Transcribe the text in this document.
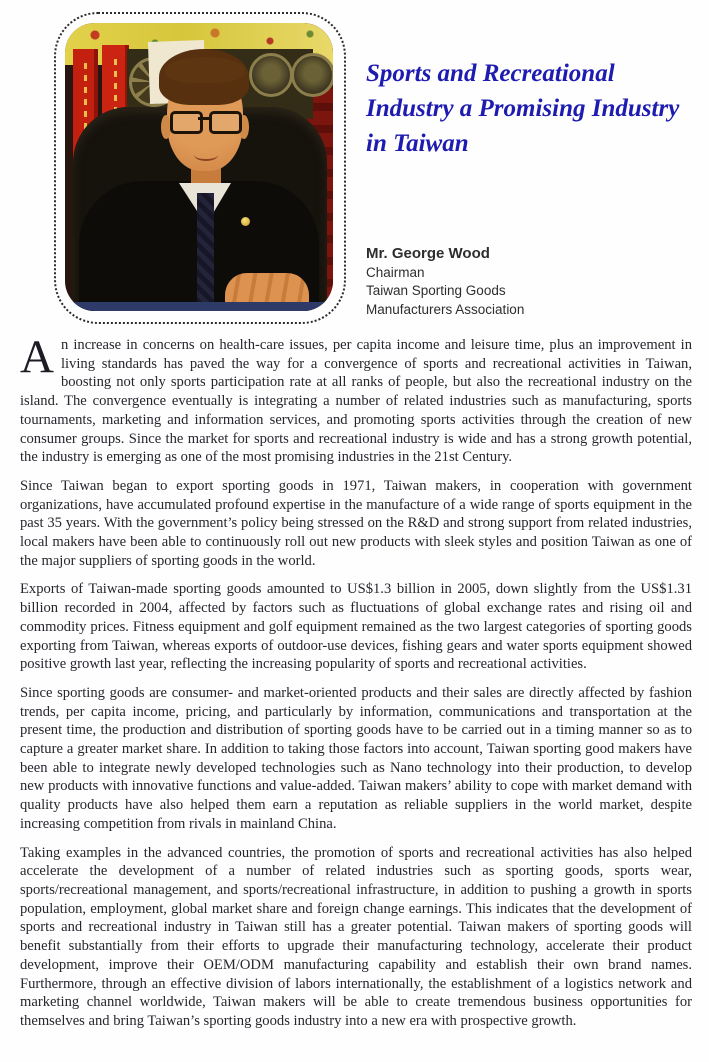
Sports and Recreational
Industry a Promising Industry
in Taiwan
Mr. George Wood
Chairman
Taiwan Sporting Goods
Manufacturers Association

An increase in concerns on health-care issues, per capita income and leisure time, plus an improvement in living standards has paved the way for a convergence of sports and recreational activities in Taiwan, boosting not only sports participation rate at all ranks of people, but also the recreational industry on the island. The convergence eventually is integrating a number of related industries such as manufacturing, sports tournaments, marketing and information services, and promoting sports activities through the creation of new consumer groups. Since the market for sports and recreational industry is wide and has a strong growth potential, the industry is emerging as one of the most promising industries in the 21st Century.

Since Taiwan began to export sporting goods in 1971, Taiwan makers, in cooperation with government organizations, have accumulated profound expertise in the manufacture of a wide range of sports equipment in the past 35 years. With the government’s policy being stressed on the R&D and strong support from related industries, local makers have been able to continuously roll out new products with sleek styles and position Taiwan as one of the major suppliers of sporting goods in the world.

Exports of Taiwan-made sporting goods amounted to US$1.3 billion in 2005, down slightly from the US$1.31 billion recorded in 2004, affected by factors such as fluctuations of global exchange rates and rising oil and commodity prices. Fitness equipment and golf equipment remained as the two largest categories of sporting goods exporting from Taiwan, whereas exports of outdoor-use devices, fishing gears and water sports equipment showed positive growth last year, reflecting the increasing popularity of sports and recreational activities.

Since sporting goods are consumer- and market-oriented products and their sales are directly affected by fashion trends, per capita income, pricing, and particularly by information, communications and transportation at the present time, the production and distribution of sporting goods have to be carried out in a timing manner so as to capture a greater market share. In addition to taking those factors into account, Taiwan sporting good makers have been able to integrate newly developed technologies such as Nano technology into their production, to develop new products with innovative functions and value-added. Taiwan makers’ ability to cope with market demand with quality products have also helped them earn a reputation as reliable suppliers in the world market, despite increasing competition from rivals in mainland China.

Taking examples in the advanced countries, the promotion of sports and recreational activities has also helped accelerate the development of a number of related industries such as sporting goods, sports wear, sports/recreational management, and sports/recreational infrastructure, in addition to pushing a growth in sports population, employment, global market share and foreign change earnings. This indicates that the development of sports and recreational industry in Taiwan still has a greater potential. Taiwan makers of sporting goods will benefit substantially from their efforts to upgrade their manufacturing technology, accelerate their product development, improve their OEM/ODM manufacturing capability and establish their own brand names. Furthermore, through an effective division of labors internationally, the establishment of a logistics network and marketing channel worldwide, Taiwan makers will be able to create tremendous business opportunities for themselves and bring Taiwan’s sporting goods industry into a new era with prospective growth.
